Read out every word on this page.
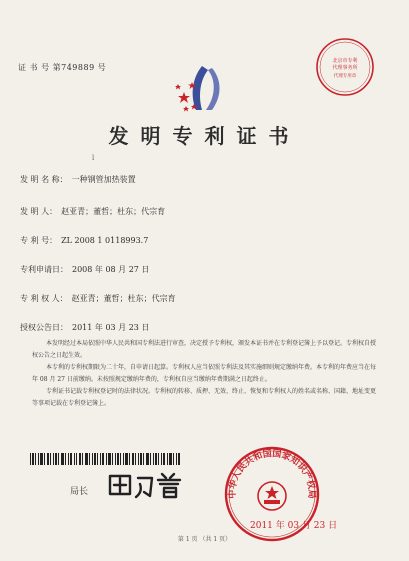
北京市专利
代理事务所
代理专用章
证 书 号 第749889 号
发明专利证书
l
发 明 名 称： 一种钢管加热装置
发 明 人： 赵亚青；董哲；杜东；代宗育
专 利 号： ZL 2008 1 0118993.7
专利申请日： 2008 年 08 月 27 日
专 利 权 人： 赵亚青；董哲；杜东；代宗育
授权公告日： 2011 年 03 月 23 日

本发明经过本局依照中华人民共和国专利法进行审查，决定授予专利权，颁发本证书并在专利登记簿上予以登记。专利权自授权公告之日起生效。

本专利的专利权期限为二十年，自申请日起算。专利权人应当依照专利法及其实施细则规定缴纳年费。本专利的年费应当在每年 08 月 27 日前缴纳。未按照规定缴纳年费的，专利权自应当缴纳年费期满之日起终止。

专利证书记载专利权登记时的法律状况。专利权的转移、质押、无效、终止、恢复和专利权人的姓名或名称、国籍、地址变更等事项记载在专利登记簿上。

局长	中华人民共和国国家知识产权局
2011 年 03 月 23 日
第 1 页 （共 1 页）
